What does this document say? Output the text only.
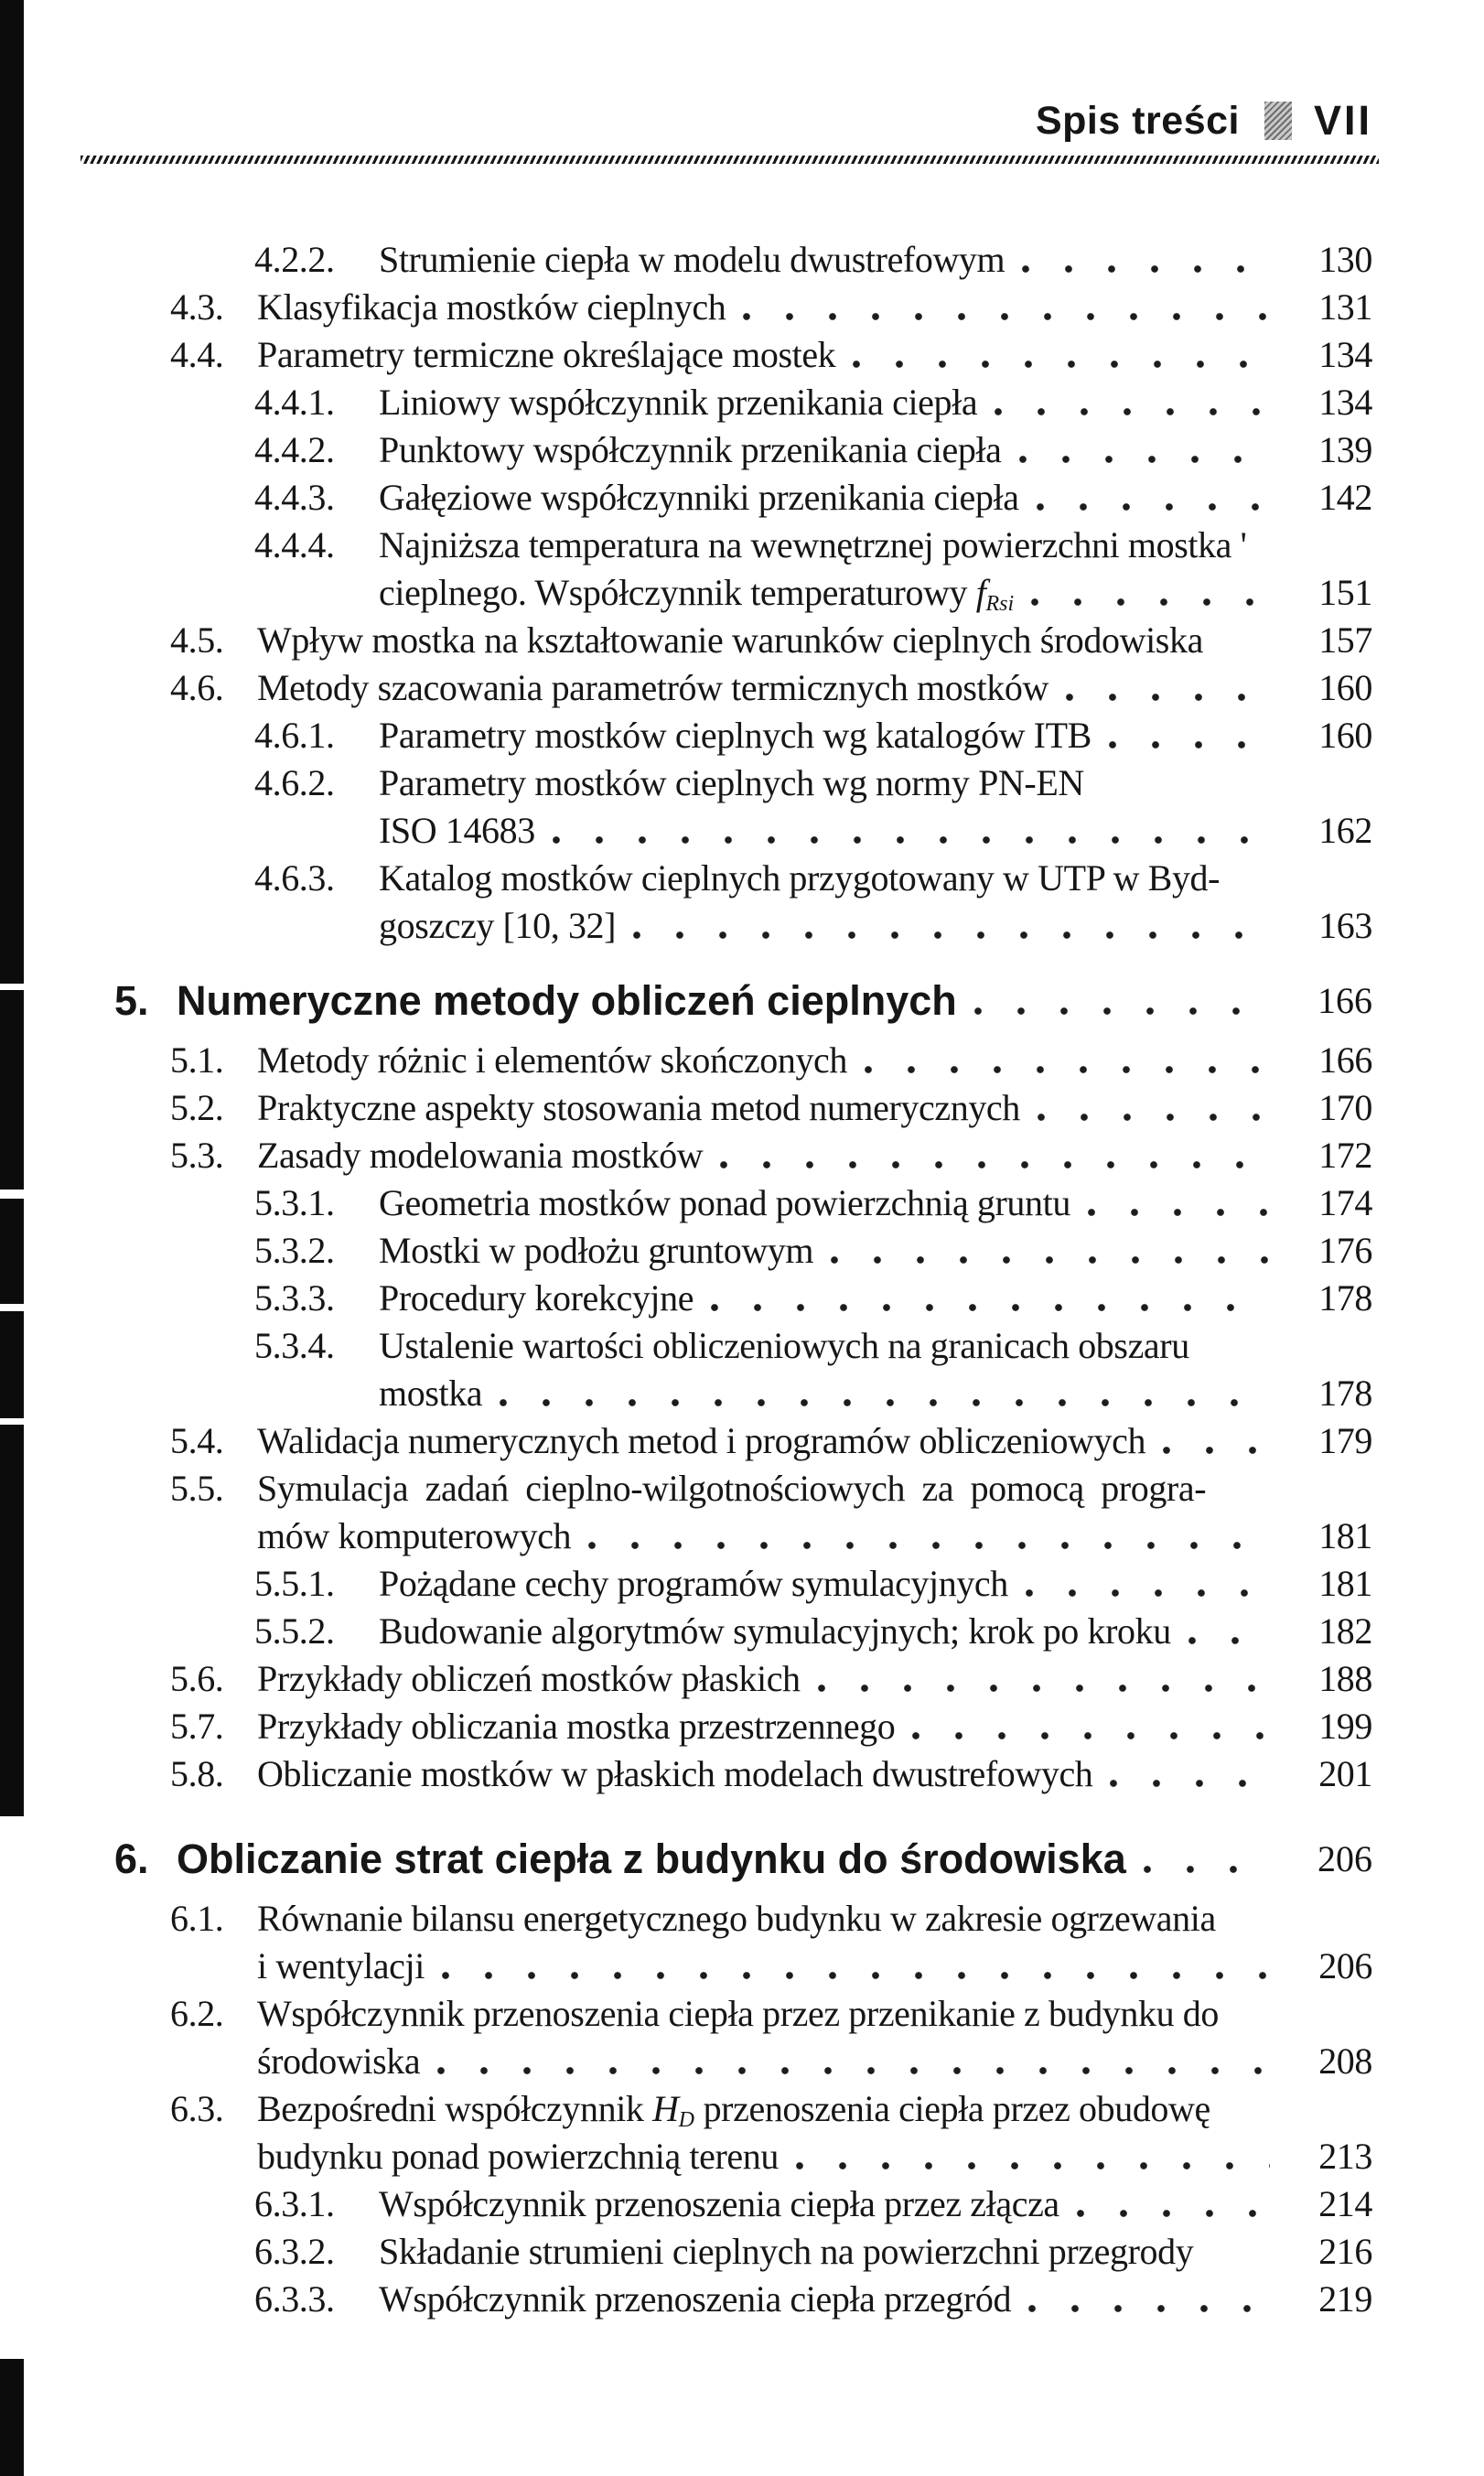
Spis treści VII
4.2.2.	Strumienie ciepła w modelu dwustrefowym	130
4.3. Klasyfikacja mostków cieplnych	131
4.4. Parametry termiczne określające mostek	134
4.4.1.	Liniowy współczynnik przenikania ciepła	134
4.4.2.	Punktowy współczynnik przenikania ciepła	139
4.4.3.	Gałęziowe współczynniki przenikania ciepła	142
4.4.4.	Najniższa temperatura na wewnętrznej powierzchni mostka '
cieplnego. Współczynnik temperaturowy fRsi	151
4.5. Wpływ mostka na kształtowanie warunków cieplnych środowiska	157
4.6. Metody szacowania parametrów termicznych mostków	160
4.6.1.	Parametry mostków cieplnych wg katalogów ITB	160
4.6.2.	Parametry mostków cieplnych wg normy PN-EN
ISO 14683	162
4.6.3.	Katalog mostków cieplnych przygotowany w UTP w Byd-
goszczy [10, 32]	163
5. Numeryczne metody obliczeń cieplnych	166
5.1. Metody różnic i elementów skończonych	166
5.2. Praktyczne aspekty stosowania metod numerycznych	170
5.3. Zasady modelowania mostków	172
5.3.1.	Geometria mostków ponad powierzchnią gruntu	174
5.3.2.	Mostki w podłożu gruntowym	176
5.3.3.	Procedury korekcyjne	178
5.3.4.	Ustalenie wartości obliczeniowych na granicach obszaru
mostka	178
5.4. Walidacja numerycznych metod i programów obliczeniowych	179
5.5. Symulacja zadań cieplno-wilgotnościowych za pomocą progra-
mów komputerowych	181
5.5.1.	Pożądane cechy programów symulacyjnych	181
5.5.2.	Budowanie algorytmów symulacyjnych; krok po kroku	182
5.6. Przykłady obliczeń mostków płaskich	188
5.7. Przykłady obliczania mostka przestrzennego	199
5.8. Obliczanie mostków w płaskich modelach dwustrefowych	201
6. Obliczanie strat ciepła z budynku do środowiska	206
6.1. Równanie bilansu energetycznego budynku w zakresie ogrzewania
i wentylacji	206
6.2. Współczynnik przenoszenia ciepła przez przenikanie z budynku do
środowiska	208
6.3. Bezpośredni współczynnik HD przenoszenia ciepła przez obudowę
budynku ponad powierzchnią terenu	213
6.3.1.	Współczynnik przenoszenia ciepła przez złącza	214
6.3.2.	Składanie strumieni cieplnych na powierzchni przegrody	216
6.3.3.	Współczynnik przenoszenia ciepła przegród	219
